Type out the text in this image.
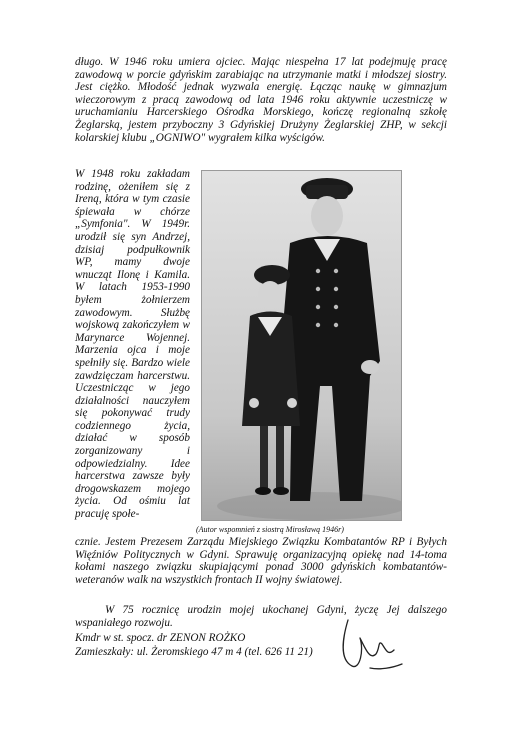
długo. W 1946 roku umiera ojciec. Mając niespełna 17 lat podejmuję pracę zawodową w porcie gdyńskim zarabiając na utrzymanie matki i młodszej siostry. Jest ciężko. Młodość jednak wyzwala energię. Łącząc naukę w gimnazjum wieczorowym z pracą zawodową od lata 1946 roku aktywnie uczestniczę w uruchamianiu Harcerskiego Ośrodka Morskiego, kończę regionalną szkołę Żeglarską, jestem przyboczny 3 Gdyńskiej Drużyny Żeglarskiej ZHP, w sekcji kolarskiej klubu „OGNIWO" wygrałem kilka wyścigów.

W 1948 roku zakładam rodzinę, ożeniłem się z Ireną, która w tym czasie śpiewała w chórze „Symfonia". W 1949r. urodził się syn Andrzej, dzisiaj podpułkownik WP, mamy dwoje wnucząt Ilonę i Kamila. W latach 1953-1990 byłem żołnierzem zawodowym. Służbę wojskową zakończyłem w Marynarce Wojennej. Marzenia ojca i moje spełniły się. Bardzo wiele zawdzięczam harcerstwu. Uczestnicząc w jego działalności nauczyłem się pokonywać trudy codziennego życia, działać w sposób zorganizowany i odpowiedzialny. Idee harcerstwa zawsze były drogowskazem mojego życia. Od ośmiu lat pracuję społe-

(Autor wspomnień z siostrą Mirosławą 1946r)

cznie. Jestem Prezesem Zarządu Miejskiego Związku Kombatantów RP i Byłych Więźniów Politycznych w Gdyni. Sprawuję organizacyjną opiekę nad 14-toma kołami naszego związku skupiającymi ponad 3000 gdyńskich kombatantów-weteranów walk na wszystkich frontach II wojny światowej.

W 75 rocznicę urodzin mojej ukochanej Gdyni, życzę Jej dalszego wspaniałego rozwoju.

Kmdr w st. spocz. dr ZENON ROŻKO
Zamieszkały: ul. Żeromskiego 47 m 4 (tel. 626 11 21)
